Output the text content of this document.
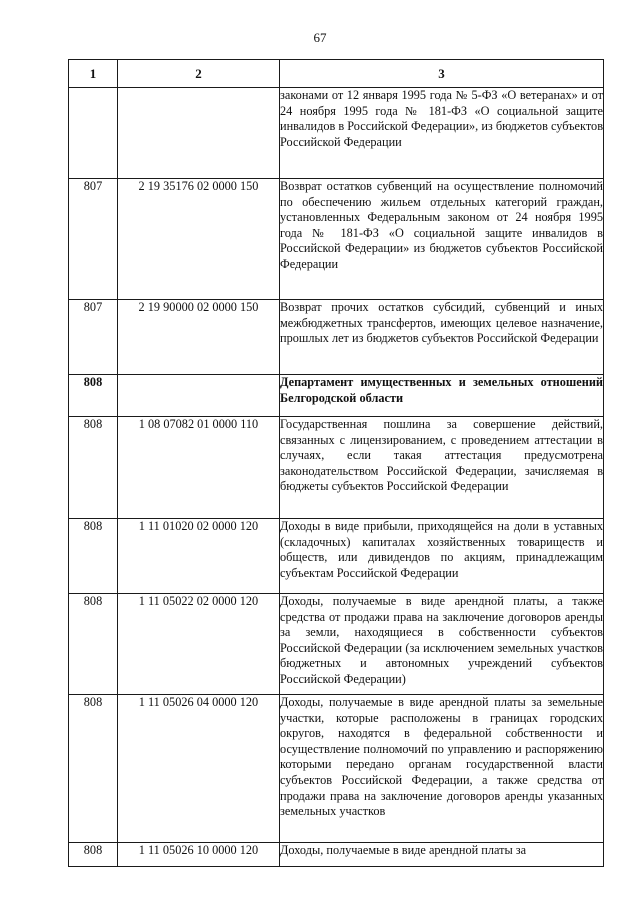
67
1	2	3

		законами от 12 января 1995 года № 5-ФЗ «О ветеранах» и от 24 ноября 1995 года № 181-ФЗ «О социальной защите инвалидов в Российской Федерации», из бюджетов субъектов Российской Федерации

807	2 19 35176 02 0000 150	Возврат остатков субвенций на осуществление полномочий по обеспечению жильем отдельных категорий граждан, установленных Федеральным законом от 24 ноября 1995 года № 181-ФЗ «О социальной защите инвалидов в Российской Федерации» из бюджетов субъектов Российской Федерации

807	2 19 90000 02 0000 150	Возврат прочих остатков субсидий, субвенций и иных межбюджетных трансфертов, имеющих целевое назначение, прошлых лет из бюджетов субъектов Российской Федерации

808		Департамент имущественных и земельных отношений Белгородской области

808	1 08 07082 01 0000 110	Государственная пошлина за совершение действий, связанных с лицензированием, с проведением аттестации в случаях, если такая аттестация предусмотрена законодательством Российской Федерации, зачисляемая в бюджеты субъектов Российской Федерации

808	1 11 01020 02 0000 120	Доходы в виде прибыли, приходящейся на доли в уставных (складочных) капиталах хозяйственных товариществ и обществ, или дивидендов по акциям, принадлежащим субъектам Российской Федерации

808	1 11 05022 02 0000 120	Доходы, получаемые в виде арендной платы, а также средства от продажи права на заключение договоров аренды за земли, находящиеся в собственности субъектов Российской Федерации (за исключением земельных участков бюджетных и автономных учреждений субъектов Российской Федерации)

808	1 11 05026 04 0000 120	Доходы, получаемые в виде арендной платы за земельные участки, которые расположены в границах городских округов, находятся в федеральной собственности и осуществление полномочий по управлению и распоряжению которыми передано органам государственной власти субъектов Российской Федерации, а также средства от продажи права на заключение договоров аренды указанных земельных участков

808	1 11 05026 10 0000 120	Доходы, получаемые в виде арендной платы за
